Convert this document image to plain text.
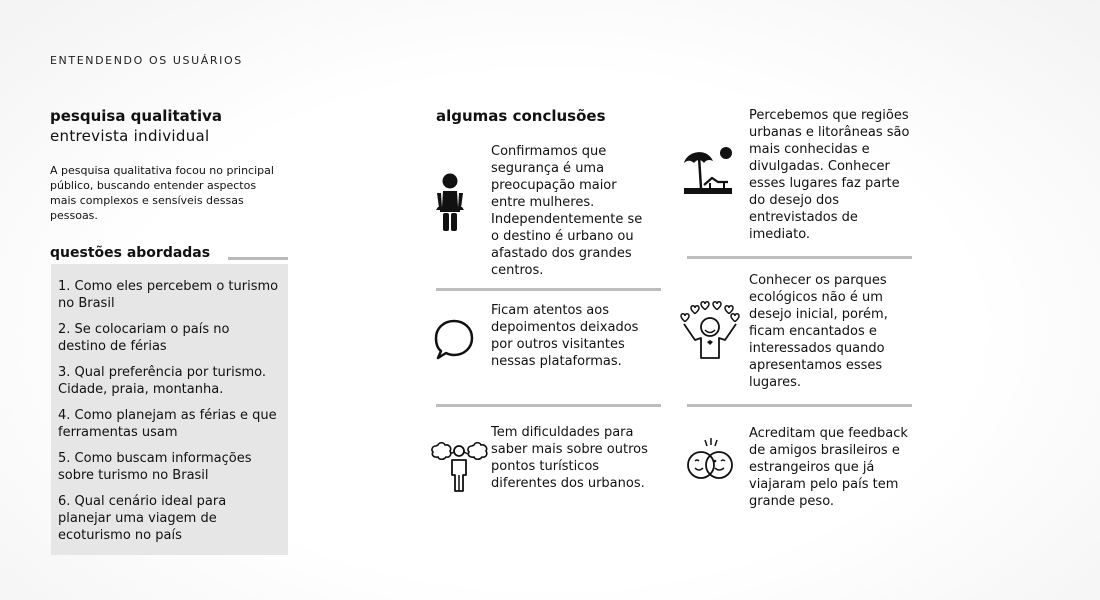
ENTENDENDO OS USUÁRIOS
pesquisa qualitativa
entrevista individual
A pesquisa qualitativa focou no principal público, buscando entender aspectos mais complexos e sensíveis dessas pessoas.
questões abordadas
1. Como eles percebem o turismo no Brasil
2. Se colocariam o país no destino de férias
3. Qual preferência por turismo. Cidade, praia, montanha.
4. Como planejam as férias e que ferramentas usam
5. Como buscam informações sobre turismo no Brasil
6. Qual cenário ideal para planejar uma viagem de ecoturismo no país
algumas conclusões
Confirmamos que segurança é uma preocupação maior entre mulheres. Independentemente se o destino é urbano ou afastado dos grandes centros.
Ficam atentos aos depoimentos deixados por outros visitantes nessas plataformas.
Tem dificuldades para saber mais sobre outros pontos turísticos diferentes dos urbanos.
Percebemos que regiões urbanas e litorâneas são mais conhecidas e divulgadas. Conhecer esses lugares faz parte do desejo dos entrevistados de imediato.
Conhecer os parques ecológicos não é um desejo inicial, porém, ficam encantados e interessados quando apresentamos esses lugares.
Acreditam que feedback de amigos brasileiros e estrangeiros que já viajaram pelo país tem grande peso.
